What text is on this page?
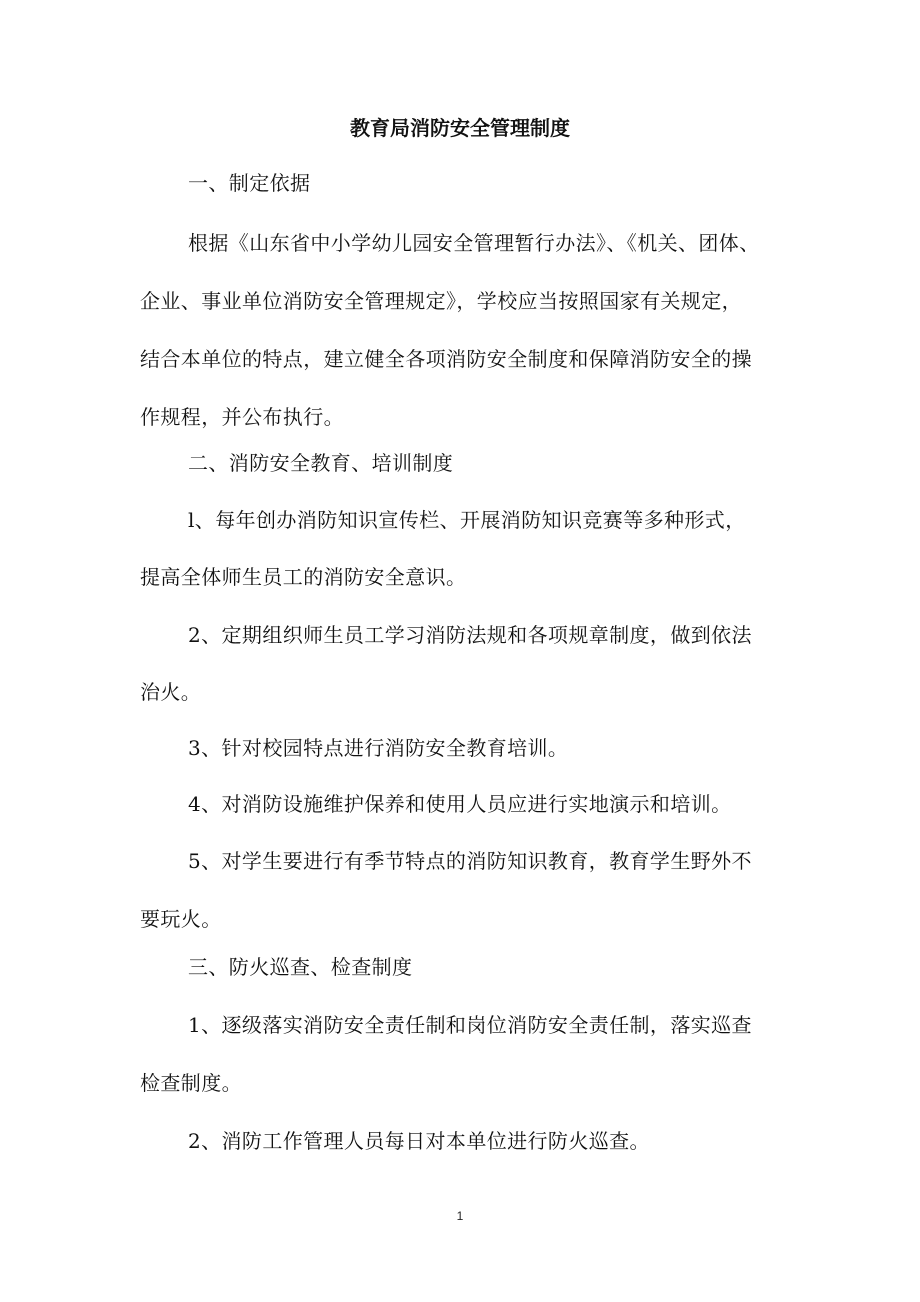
教育局消防安全管理制度
一、制定依据
根据《山东省中小学幼儿园安全管理暂行办法》、《机关、团体、
企业、事业单位消防安全管理规定》，学校应当按照国家有关规定，
结合本单位的特点，建立健全各项消防安全制度和保障消防安全的操
作规程，并公布执行。
二、消防安全教育、培训制度
l、每年创办消防知识宣传栏、开展消防知识竞赛等多种形式，
提高全体师生员工的消防安全意识。
2、定期组织师生员工学习消防法规和各项规章制度，做到依法
治火。
3、针对校园特点进行消防安全教育培训。
4、对消防设施维护保养和使用人员应进行实地演示和培训。
5、对学生要进行有季节特点的消防知识教育，教育学生野外不
要玩火。
三、防火巡查、检查制度
1、逐级落实消防安全责任制和岗位消防安全责任制，落实巡查
检查制度。
2、消防工作管理人员每日对本单位进行防火巡查。
1
